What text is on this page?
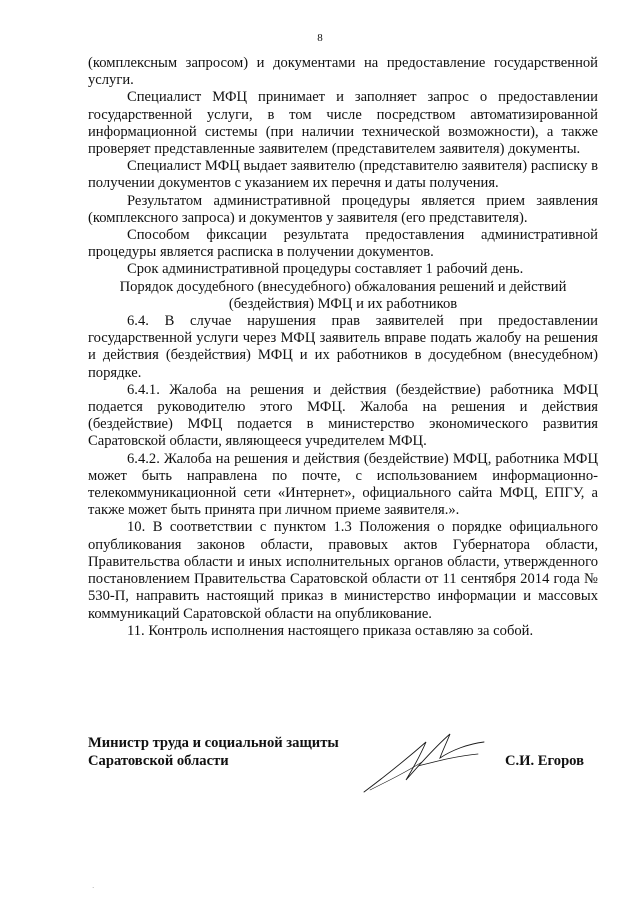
8

(комплексным запросом) и документами на предоставление государственной услуги.

Специалист МФЦ принимает и заполняет запрос о предоставлении государственной услуги, в том числе посредством автоматизированной информационной системы (при наличии технической возможности), а также проверяет представленные заявителем (представителем заявителя) документы.

Специалист МФЦ выдает заявителю (представителю заявителя) расписку в получении документов с указанием их перечня и даты получения.

Результатом административной процедуры является прием заявления (комплексного запроса) и документов у заявителя (его представителя).

Способом фиксации результата предоставления административной процедуры является расписка в получении документов.

Срок административной процедуры составляет 1 рабочий день.

Порядок досудебного (внесудебного) обжалования решений и действий (бездействия) МФЦ и их работников

6.4. В случае нарушения прав заявителей при предоставлении государственной услуги через МФЦ заявитель вправе подать жалобу на решения и действия (бездействия) МФЦ и их работников в досудебном (внесудебном) порядке.

6.4.1. Жалоба на решения и действия (бездействие) работника МФЦ подается руководителю этого МФЦ. Жалоба на решения и действия (бездействие) МФЦ подается в министерство экономического развития Саратовской области, являющееся учредителем МФЦ.

6.4.2. Жалоба на решения и действия (бездействие) МФЦ, работника МФЦ может быть направлена по почте, с использованием информационно-телекоммуникационной сети «Интернет», официального сайта МФЦ, ЕПГУ, а также может быть принята при личном приеме заявителя.».

10. В соответствии с пунктом 1.3 Положения о порядке официального опубликования законов области, правовых актов Губернатора области, Правительства области и иных исполнительных органов области, утвержденного постановлением Правительства Саратовской области от 11 сентября 2014 года № 530-П, направить настоящий приказ в министерство информации и массовых коммуникаций Саратовской области на опубликование.

11. Контроль исполнения настоящего приказа оставляю за собой.

Министр труда и социальной защиты
Саратовской области	С.И. Егоров
·
